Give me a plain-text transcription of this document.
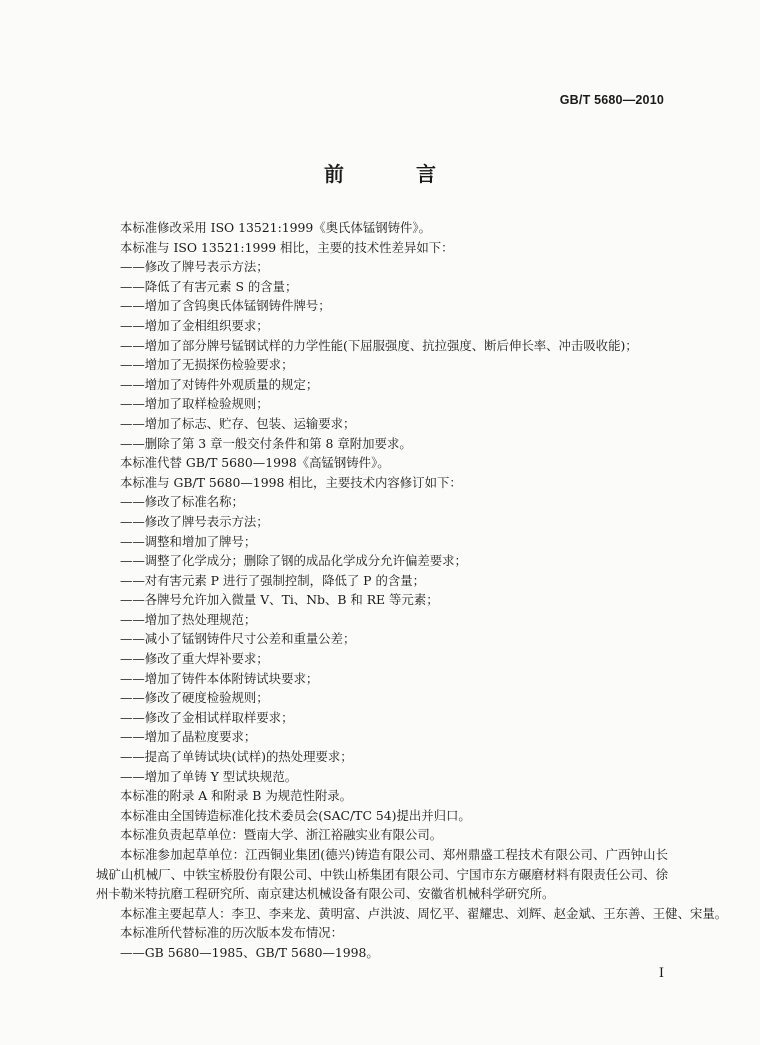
GB/T 5680—2010
前　言
本标准修改采用 ISO 13521:1999《奥氏体锰钢铸件》。
本标准与 ISO 13521:1999 相比，主要的技术性差异如下：
——修改了牌号表示方法；
——降低了有害元素 S 的含量；
——增加了含钨奥氏体锰钢铸件牌号；
——增加了金相组织要求；
——增加了部分牌号锰钢试样的力学性能(下屈服强度、抗拉强度、断后伸长率、冲击吸收能)；
——增加了无损探伤检验要求；
——增加了对铸件外观质量的规定；
——增加了取样检验规则；
——增加了标志、贮存、包装、运输要求；
——删除了第 3 章一般交付条件和第 8 章附加要求。
本标准代替 GB/T 5680—1998《高锰钢铸件》。
本标准与 GB/T 5680—1998 相比，主要技术内容修订如下：
——修改了标准名称；
——修改了牌号表示方法；
——调整和增加了牌号；
——调整了化学成分；删除了钢的成品化学成分允许偏差要求；
——对有害元素 P 进行了强制控制，降低了 P 的含量；
——各牌号允许加入微量 V、Ti、Nb、B 和 RE 等元素；
——增加了热处理规范；
——减小了锰钢铸件尺寸公差和重量公差；
——修改了重大焊补要求；
——增加了铸件本体附铸试块要求；
——修改了硬度检验规则；
——修改了金相试样取样要求；
——增加了晶粒度要求；
——提高了单铸试块(试样)的热处理要求；
——增加了单铸 Y 型试块规范。
本标准的附录 A 和附录 B 为规范性附录。
本标准由全国铸造标准化技术委员会(SAC/TC 54)提出并归口。
本标准负责起草单位：暨南大学、浙江裕融实业有限公司。
本标准参加起草单位：江西铜业集团(德兴)铸造有限公司、郑州鼎盛工程技术有限公司、广西钟山长城矿山机械厂、中铁宝桥股份有限公司、中铁山桥集团有限公司、宁国市东方碾磨材料有限责任公司、徐州卡勒米特抗磨工程研究所、南京建达机械设备有限公司、安徽省机械科学研究所。
本标准主要起草人：李卫、李来龙、黄明富、卢洪波、周忆平、翟耀忠、刘辉、赵金斌、王东善、王健、宋量。
本标准所代替标准的历次版本发布情况：
——GB 5680—1985、GB/T 5680—1998。
I
